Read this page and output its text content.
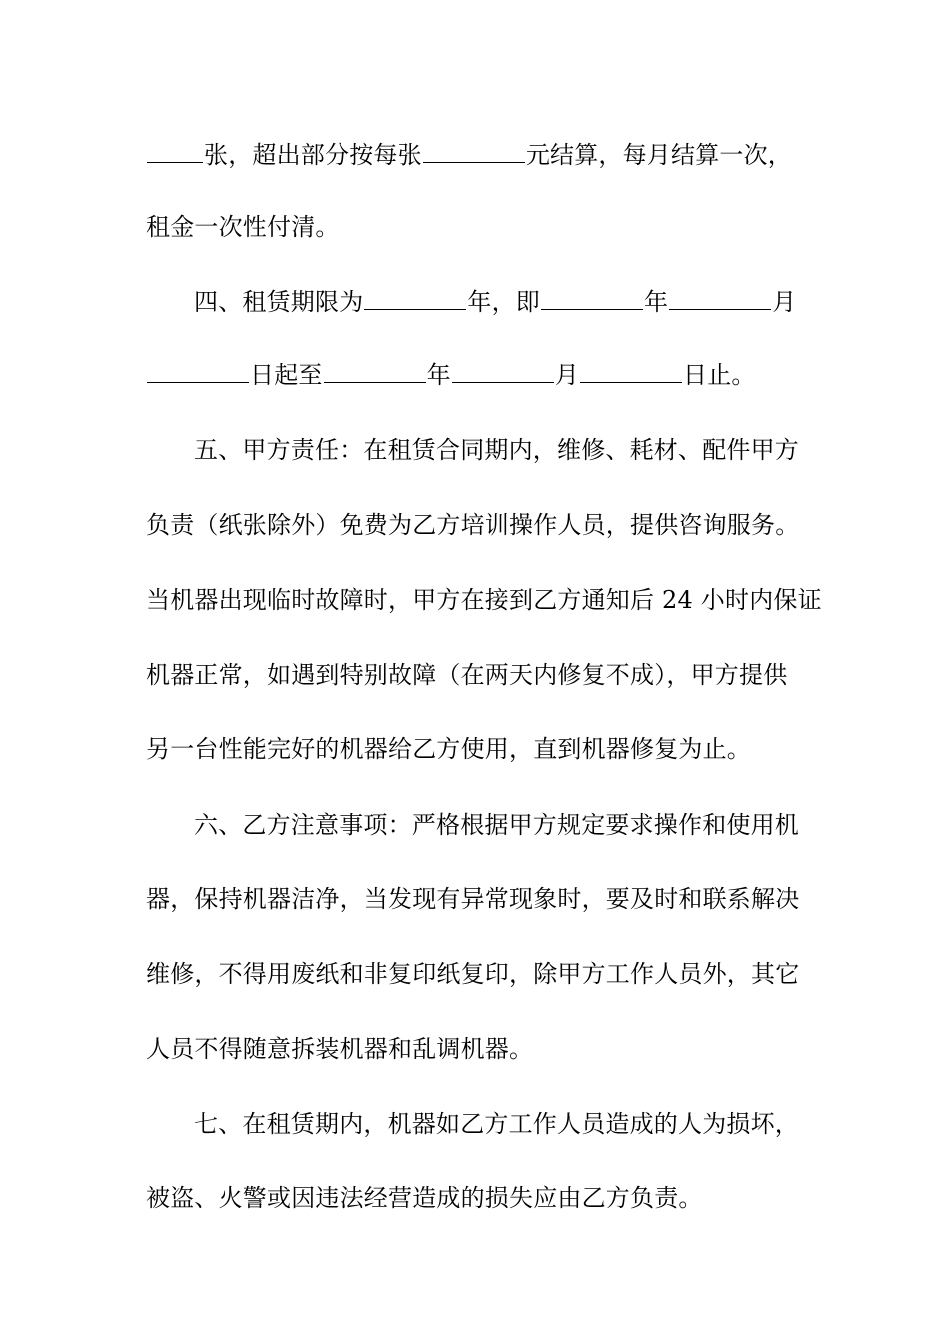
张，超出部分按每张	元结算，每月结算一次，
租金一次性付清。
四、租赁期限为	年，即	年	月
日起至	年	月	日止。
五、甲方责任：在租赁合同期内，维修、耗材、配件甲方
负责（纸张除外）免费为乙方培训操作人员，提供咨询服务。
当机器出现临时故障时，甲方在接到乙方通知后 24 小时内保证
机器正常，如遇到特别故障（在两天内修复不成），甲方提供
另一台性能完好的机器给乙方使用，直到机器修复为止。
六、乙方注意事项：严格根据甲方规定要求操作和使用机
器，保持机器洁净，当发现有异常现象时，要及时和联系解决
维修，不得用废纸和非复印纸复印，除甲方工作人员外，其它
人员不得随意拆装机器和乱调机器。
七、在租赁期内，机器如乙方工作人员造成的人为损坏，
被盗、火警或因违法经营造成的损失应由乙方负责。
